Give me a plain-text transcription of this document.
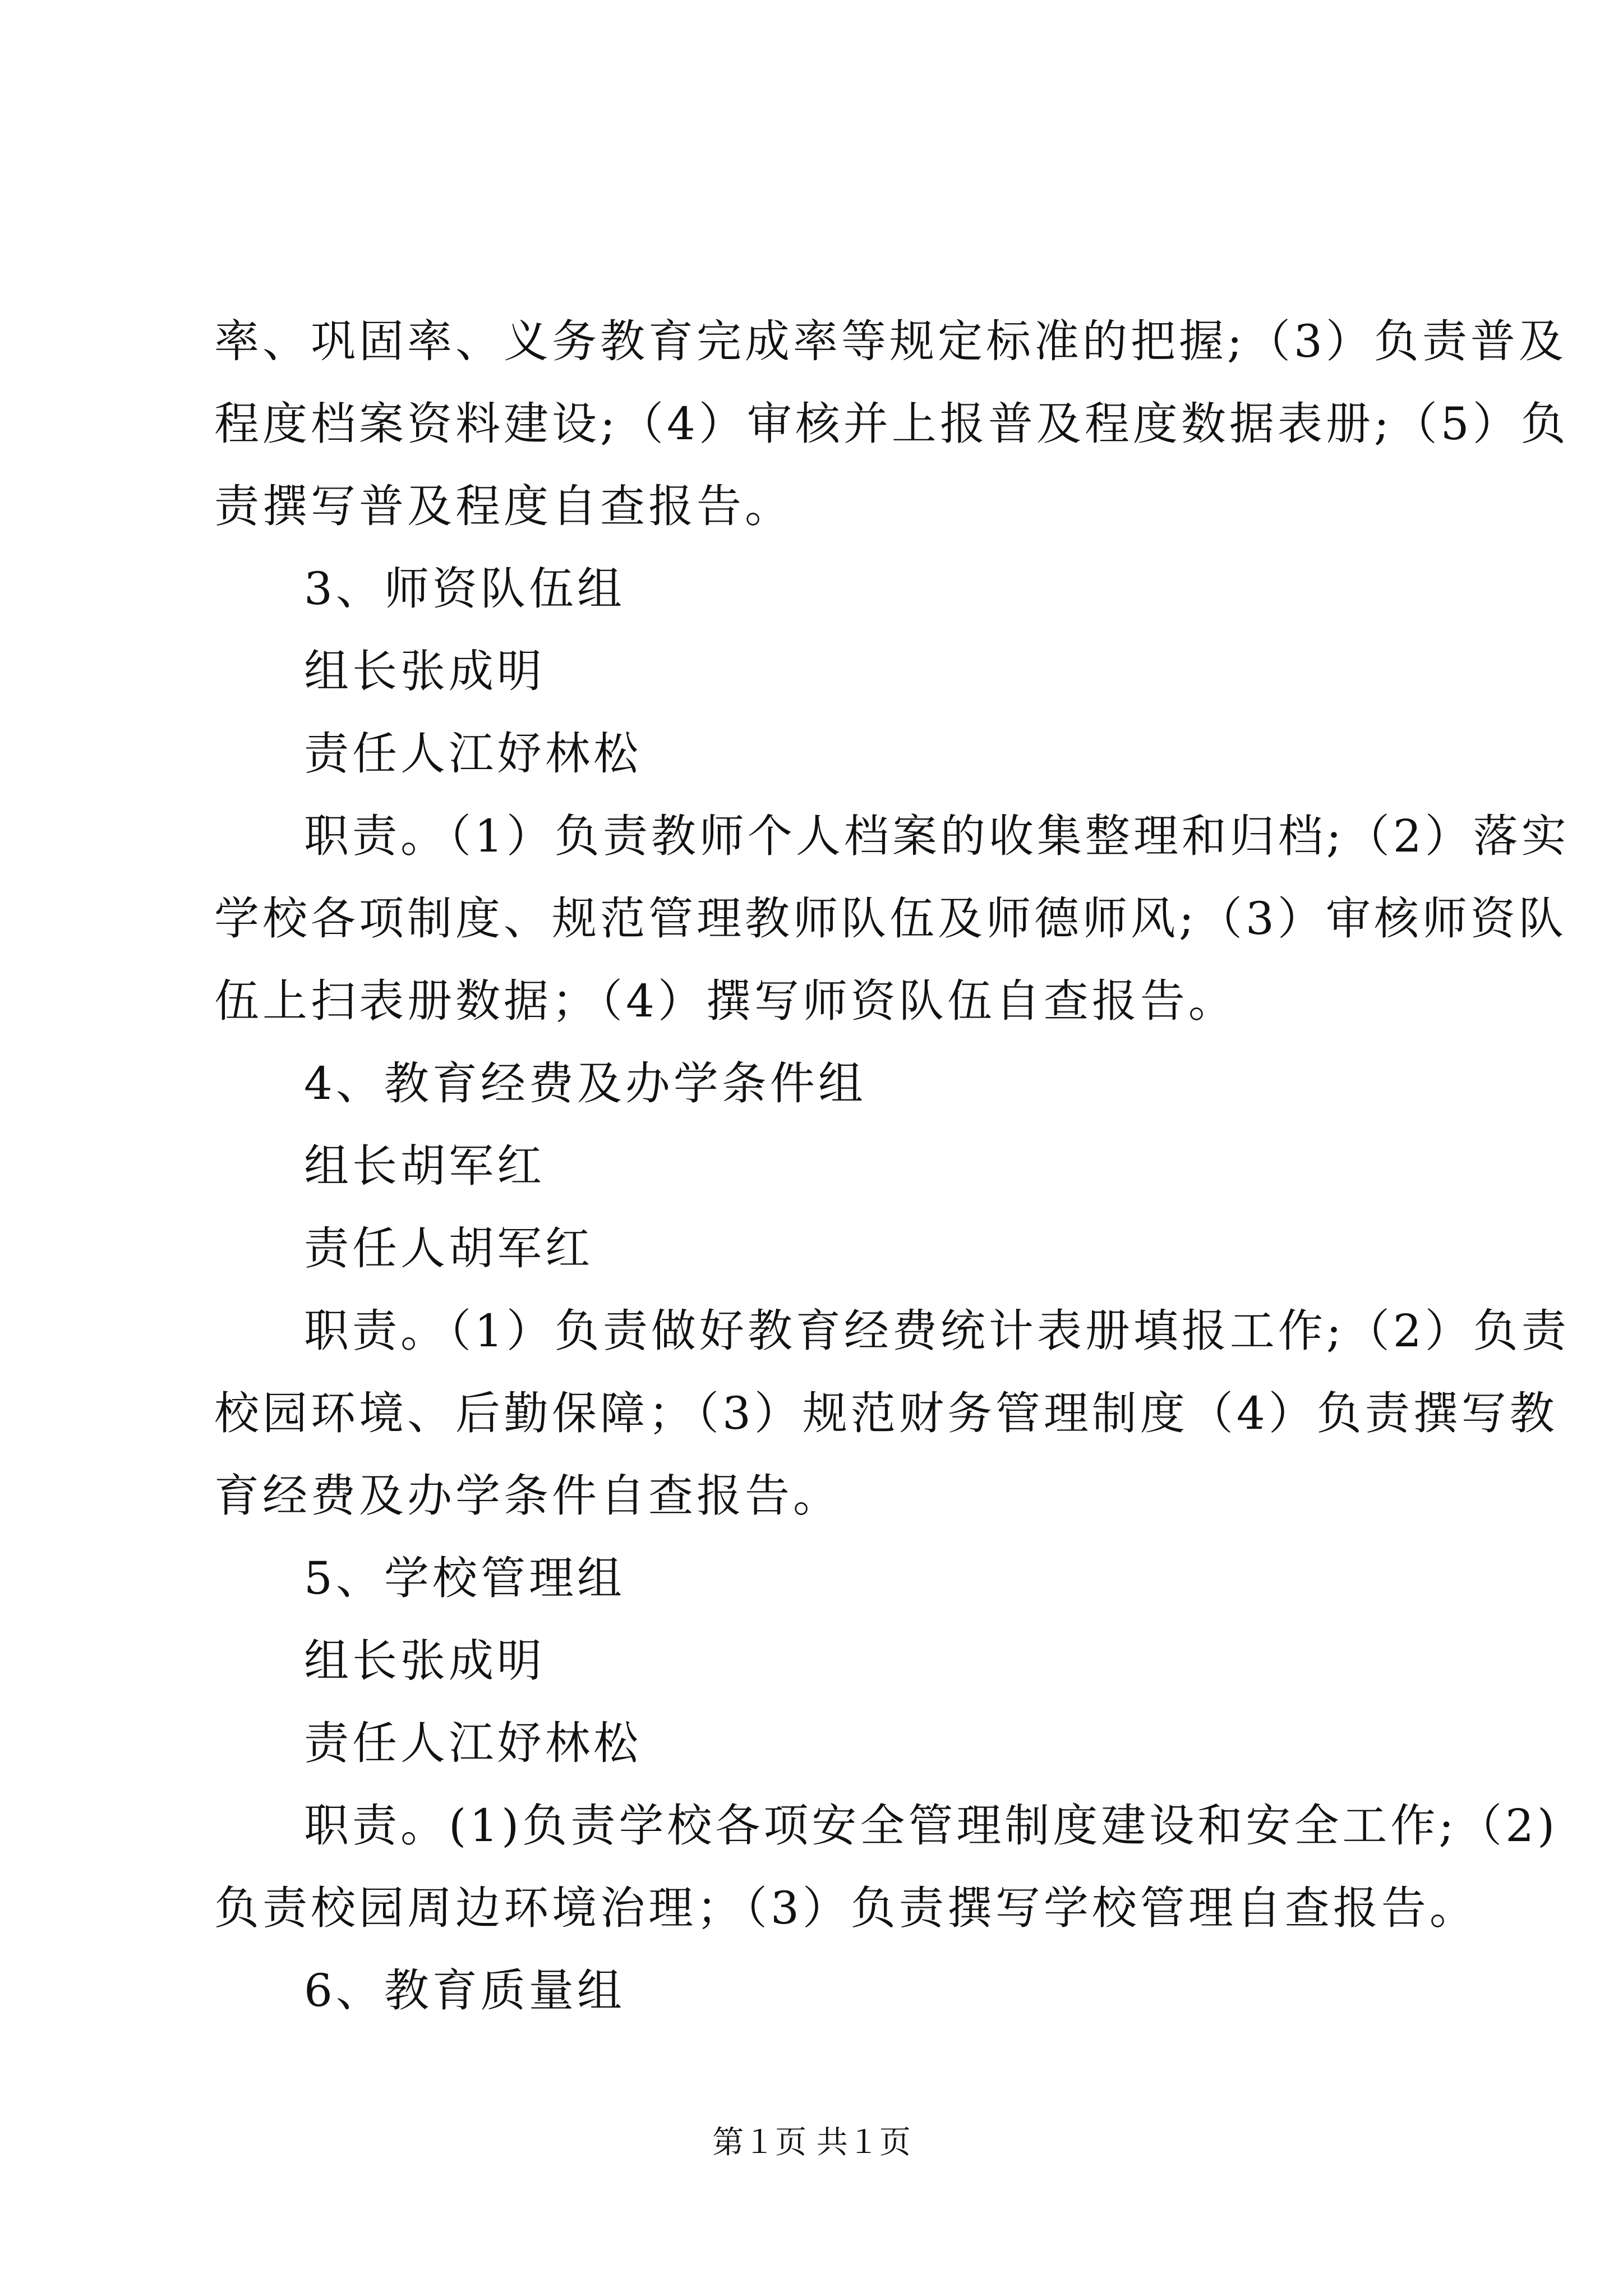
率、巩固率、义务教育完成率等规定标准的把握;（3）负责普及

程度档案资料建设;（4）审核并上报普及程度数据表册;（5）负

责撰写普及程度自查报告。

3、师资队伍组

组长张成明

责任人江妤林松

职责。（1）负责教师个人档案的收集整理和归档;（2）落实

学校各项制度、规范管理教师队伍及师德师风;（3）审核师资队

伍上扫表册数据；（4）撰写师资队伍自查报告。

4、教育经费及办学条件组

组长胡军红

责任人胡军红

职责。（1）负责做好教育经费统计表册填报工作;（2）负责

校园环境、后勤保障；（3）规范财务管理制度（4）负责撰写教

育经费及办学条件自查报告。

5、学校管理组

组长张成明

责任人江妤林松

职责。(1)负责学校各项安全管理制度建设和安全工作;（2)

负责校园周边环境治理；（3）负责撰写学校管理自查报告。

6、教育质量组

第１页 共１页
